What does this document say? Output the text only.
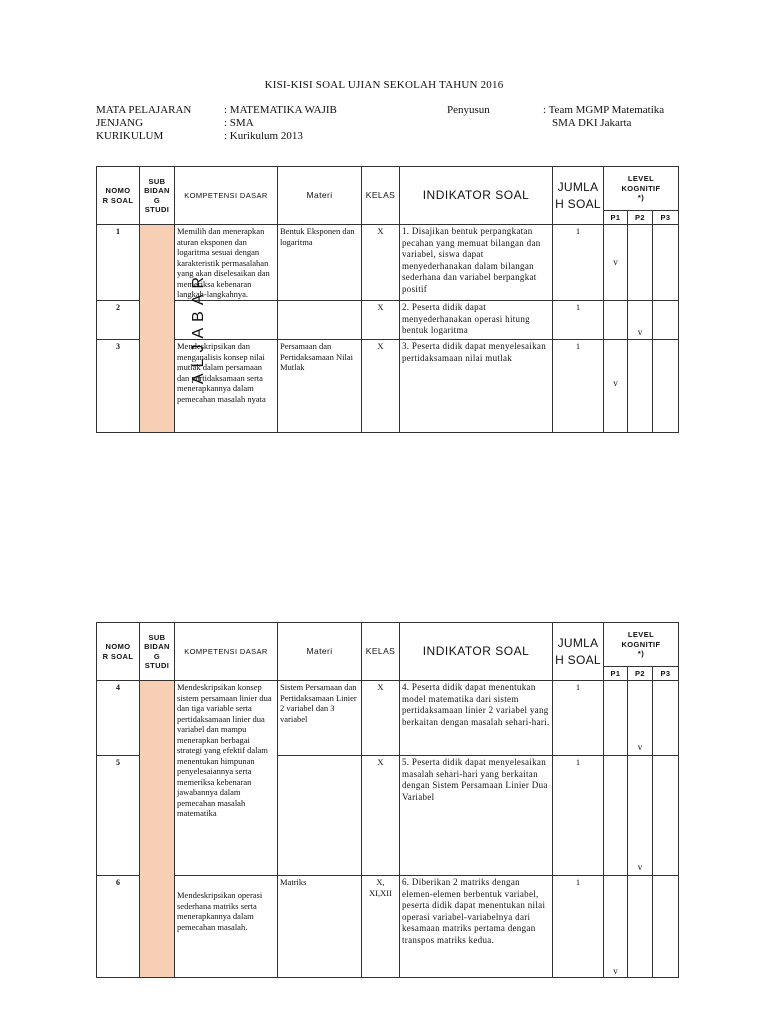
KISI-KISI SOAL UJIAN SEKOLAH TAHUN 2016
MATA PELAJARAN
JENJANG
KURIKULUM
: MATEMATIKA WAJIB
: SMA
: Kurikulum 2013
Penyusun	: Team MGMP Matematika
SMA DKI Jakarta
NOMO
R SOAL	SUB
BIDAN
G
STUDI	KOMPETENSI DASAR	Materi	KELAS	INDIKATOR SOAL	JUMLA
H SOAL	LEVEL
KOGNITIF
*)		
							P1	P2	P3
1	ALJABAR	Memilih dan menerapkan aturan eksponen dan logaritma sesuai dengan karakteristik permasalahan yang akan diselesaikan dan memeriksa kebenaran langkah-langkahnya.	Bentuk Eksponen dan logaritma	X	1. Disajikan bentuk perpangkatan pecahan yang memuat bilangan dan variabel, siswa dapat menyederhanakan dalam bilangan sederhana dan variabel berpangkat positif	1	v		

2				X	2. Peserta didik dapat menyederhanakan operasi hitung bentuk logaritma	1		v	

3		Mendeskripsikan dan menganalisis konsep nilai mutlak dalam persamaan dan pertidaksamaan serta menerapkannya dalam pemecahan masalah nyata	Persamaan dan Pertidaksamaan Nilai Mutlak	X	3. Peserta didik dapat menyelesaikan pertidaksamaan nilai mutlak	1	v		

NOMO
R SOAL	SUB
BIDAN
G
STUDI	KOMPETENSI DASAR	Materi	KELAS	INDIKATOR SOAL	JUMLA
H SOAL	LEVEL
KOGNITIF
*)		
							P1	P2	P3
4		Mendeskripsikan konsep sistem persamaan linier dua dan tiga variable serta pertidaksamaan linier dua variabel dan mampu menerapkan berbagai strategi yang efektif dalam menentukan himpunan penyelesaiannya serta memeriksa kebenaran jawabannya dalam pemecahan masalah matematika	Sistem Persamaan dan Pertidaksamaan Linier 2 variabel dan 3 variabel	X	4. Peserta didik dapat menentukan model matematika dari sistem pertidaksamaan linier 2 variabel yang berkaitan dengan masalah sehari-hari.	1		v	

5				X	5. Peserta didik dapat menyelesaikan masalah sehari-hari yang berkaitan dengan Sistem Persamaan Linier Dua Variabel	1		v	

6		Mendeskripsikan operasi sederhana matriks serta menerapkannya dalam pemecahan masalah.	Matriks	X, XI,XII	6. Diberikan 2 matriks dengan elemen-elemen berbentuk variabel, peserta didik dapat menentukan nilai operasi variabel-variabelnya dari kesamaan matriks pertama dengan transpos matriks kedua.	1	v		
